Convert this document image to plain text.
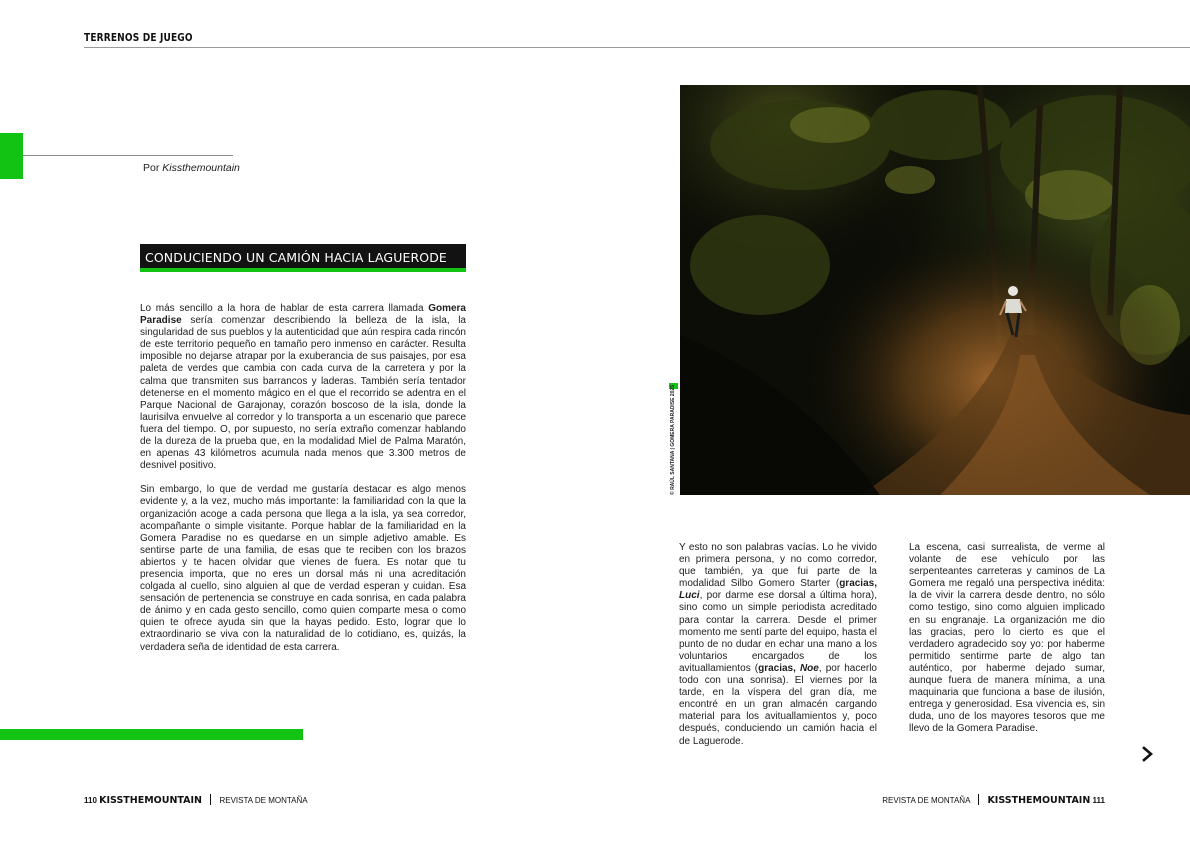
TERRENOS DE JUEGO
Por Kissthemountain
CONDUCIENDO UN CAMIÓN HACIA LAGUERODE

Lo más sencillo a la hora de hablar de esta carrera llamada Gomera Paradise sería comenzar describiendo la belleza de la isla, la singularidad de sus pueblos y la autenticidad que aún respira cada rincón de este territorio pequeño en tamaño pero inmenso en carácter. Resulta imposible no dejarse atrapar por la exuberancia de sus paisajes, por esa paleta de verdes que cambia con cada curva de la carretera y por la calma que transmiten sus barrancos y laderas. También sería tentador detenerse en el momento mágico en el que el recorrido se adentra en el Parque Nacional de Garajonay, corazón boscoso de la isla, donde la laurisilva envuelve al corredor y lo transporta a un escenario que parece fuera del tiempo. O, por supuesto, no sería extraño comenzar hablando de la dureza de la prueba que, en la modalidad Miel de Palma Maratón, en apenas 43 kilómetros acumula nada menos que 3.300 metros de desnivel positivo.

Sin embargo, lo que de verdad me gustaría destacar es algo menos evidente y, a la vez, mucho más importante: la familiaridad con la que la organización acoge a cada persona que llega a la isla, ya sea corredor, acompañante o simple visitante. Porque hablar de la familiaridad en la Gomera Paradise no es quedarse en un simple adjetivo amable. Es sentirse parte de una familia, de esas que te reciben con los brazos abiertos y te hacen olvidar que vienes de fuera. Es notar que tu presencia importa, que no eres un dorsal más ni una acreditación colgada al cuello, sino alguien al que de verdad esperan y cuidan. Esa sensación de pertenencia se construye en cada sonrisa, en cada palabra de ánimo y en cada gesto sencillo, como quien comparte mesa o como quien te ofrece ayuda sin que la hayas pedido. Esto, lograr que lo extraordinario se viva con la naturalidad de lo cotidiano, es, quizás, la verdadera seña de identidad de esta carrera.

© RAÚL SANTANA | GOMERA PARADISE 2025

Y esto no son palabras vacías. Lo he vivido en primera persona, y no como corredor, que también, ya que fui parte de la modalidad Silbo Gomero Starter (gracias, Luci, por darme ese dorsal a última hora), sino como un simple periodista acreditado para contar la carrera. Desde el primer momento me sentí parte del equipo, hasta el punto de no dudar en echar una mano a los voluntarios encargados de los avituallamientos (gracias, Noe, por hacerlo todo con una sonrisa). El viernes por la tarde, en la víspera del gran día, me encontré en un gran almacén cargando material para los avituallamientos y, poco después, conduciendo un camión hacia el de Laguerode.

La escena, casi surrealista, de verme al volante de ese vehículo por las serpenteantes carreteras y caminos de La Gomera me regaló una perspectiva inédita: la de vivir la carrera desde dentro, no sólo como testigo, sino como alguien implicado en su engranaje. La organización me dio las gracias, pero lo cierto es que el verdadero agradecido soy yo: por haberme permitido sentirme parte de algo tan auténtico, por haberme dejado sumar, aunque fuera de manera mínima, a una maquinaria que funciona a base de ilusión, entrega y generosidad. Esa vivencia es, sin duda, uno de los mayores tesoros que me llevo de la Gomera Paradise.

110 KISSTHEMOUNTAIN REVISTA DE MONTAÑA	REVISTA DE MONTAÑA KISSTHEMOUNTAIN 111
